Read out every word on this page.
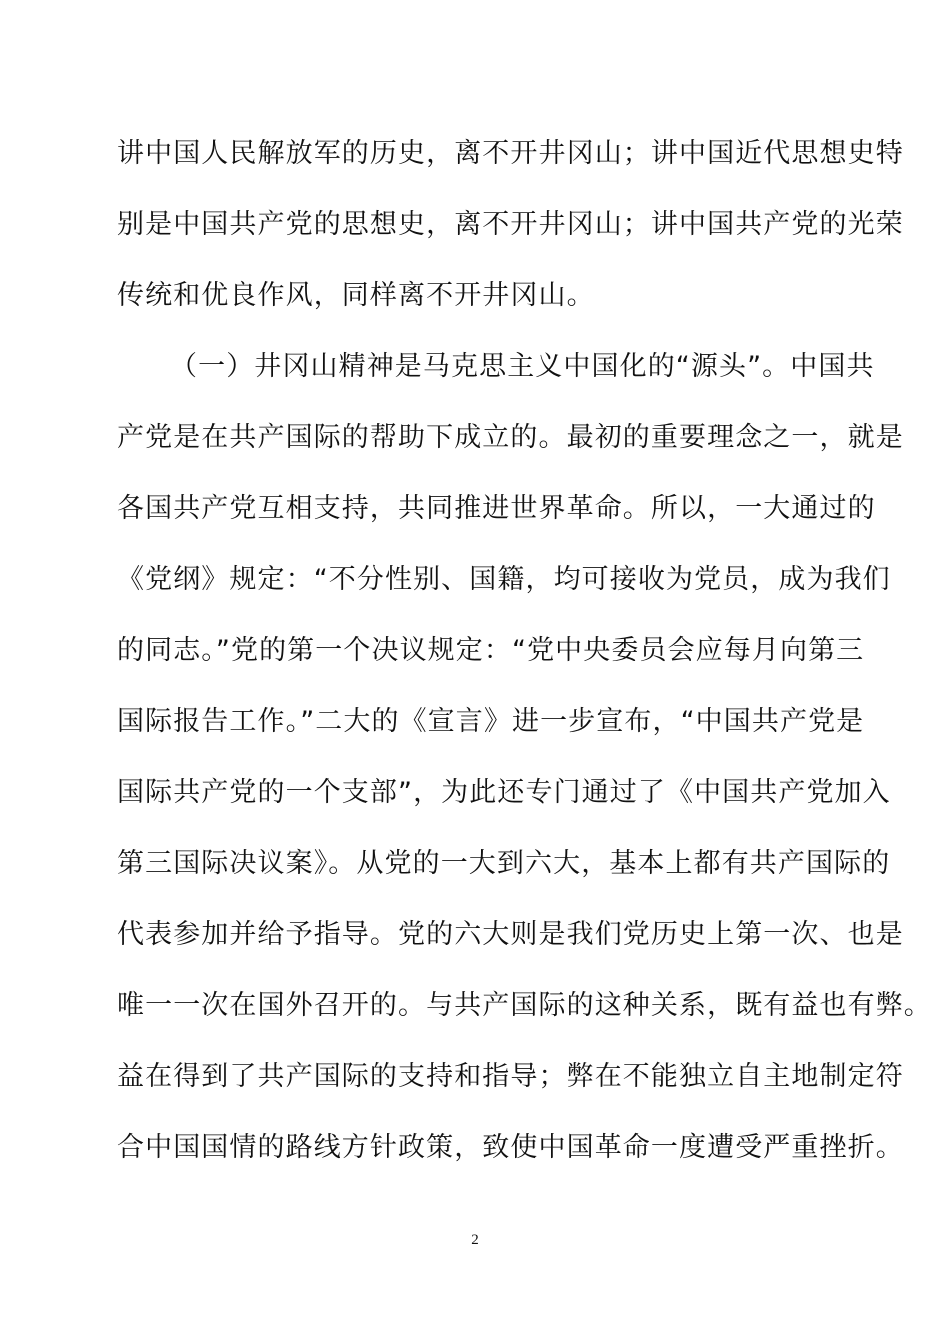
讲中国人民解放军的历史，离不开井冈山；讲中国近代思想史特
别是中国共产党的思想史，离不开井冈山；讲中国共产党的光荣
传统和优良作风，同样离不开井冈山。
（一）井冈山精神是马克思主义中国化的“源头”。中国共
产党是在共产国际的帮助下成立的。最初的重要理念之一，就是
各国共产党互相支持，共同推进世界革命。所以，一大通过的
《党纲》规定：“不分性别、国籍，均可接收为党员，成为我们
的同志。”党的第一个决议规定：“党中央委员会应每月向第三
国际报告工作。”二大的《宣言》进一步宣布，“中国共产党是
国际共产党的一个支部”，为此还专门通过了《中国共产党加入
第三国际决议案》。从党的一大到六大，基本上都有共产国际的
代表参加并给予指导。党的六大则是我们党历史上第一次、也是
唯一一次在国外召开的。与共产国际的这种关系，既有益也有弊。
益在得到了共产国际的支持和指导；弊在不能独立自主地制定符
合中国国情的路线方针政策，致使中国革命一度遭受严重挫折。
2
